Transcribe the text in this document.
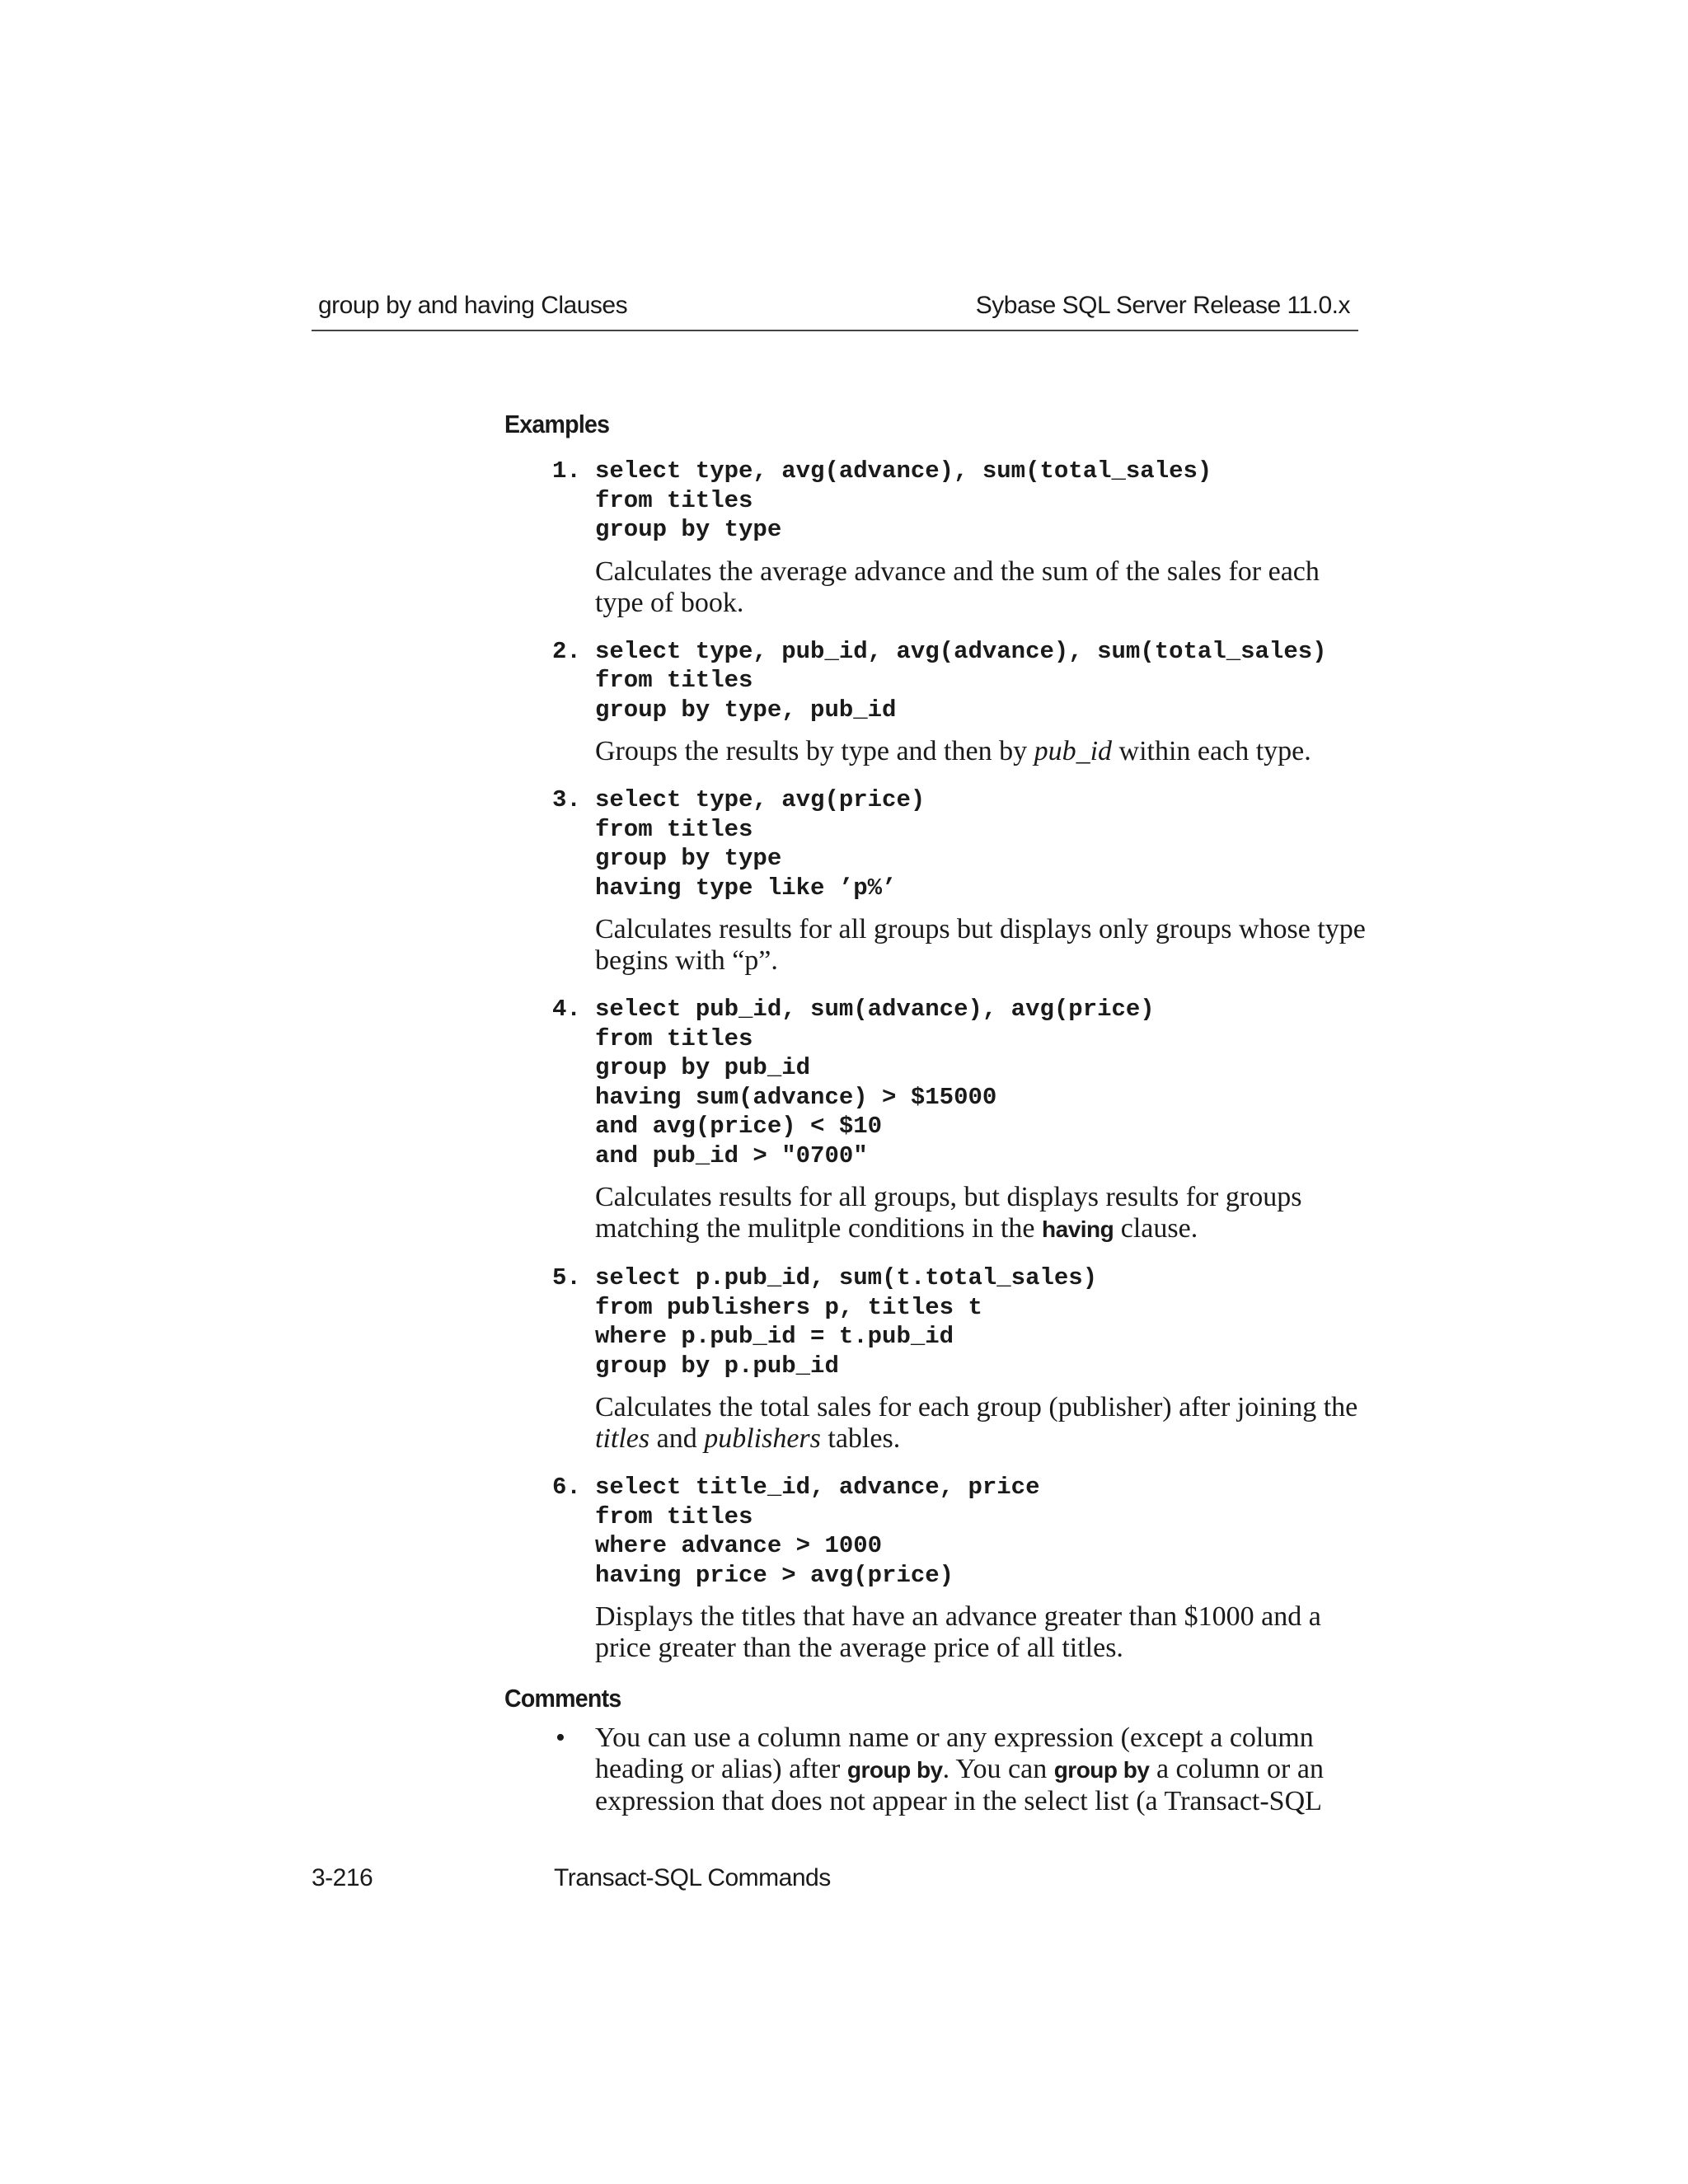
group by and having Clauses	Sybase SQL Server Release 11.0.x
Examples
1. select type, avg(advance), sum(total_sales)
from titles
group by type
Calculates the average advance and the sum of the sales for each type of book.
2. select type, pub_id, avg(advance), sum(total_sales)
from titles
group by type, pub_id
Groups the results by type and then by pub_id within each type.
3. select type, avg(price)
from titles
group by type
having type like ’p%’
Calculates results for all groups but displays only groups whose type begins with “p”.
4. select pub_id, sum(advance), avg(price)
from titles
group by pub_id
having sum(advance) > $15000
and avg(price) < $10
and pub_id > "0700"
Calculates results for all groups, but displays results for groups matching the mulitple conditions in the having clause.
5. select p.pub_id, sum(t.total_sales)
from publishers p, titles t
where p.pub_id = t.pub_id
group by p.pub_id
Calculates the total sales for each group (publisher) after joining the titles and publishers tables.
6. select title_id, advance, price
from titles
where advance > 1000
having price > avg(price)
Displays the titles that have an advance greater than $1000 and a price greater than the average price of all titles.
Comments
• You can use a column name or any expression (except a column heading or alias) after group by. You can group by a column or an expression that does not appear in the select list (a Transact-SQL
3-216	Transact-SQL Commands
